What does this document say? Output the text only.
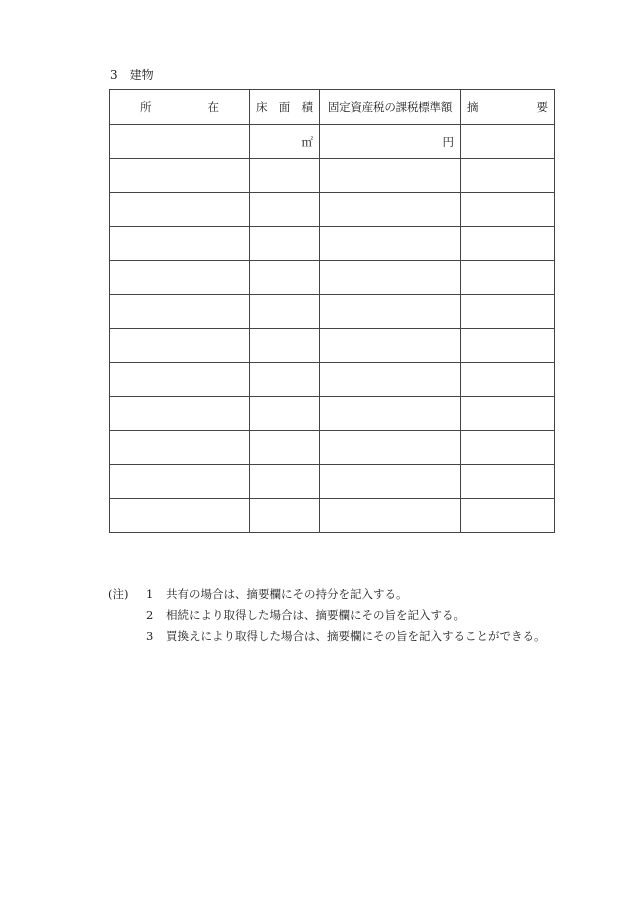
3　 建物
所 在	床 面 積	固定資産税の課税標準額	摘 要

	㎡	円	

(注)	1	共有の場合は、摘要欄にその持分を記入する。
2	相続により取得した場合は、摘要欄にその旨を記入する。
3	買換えにより取得した場合は、摘要欄にその旨を記入することができる。
